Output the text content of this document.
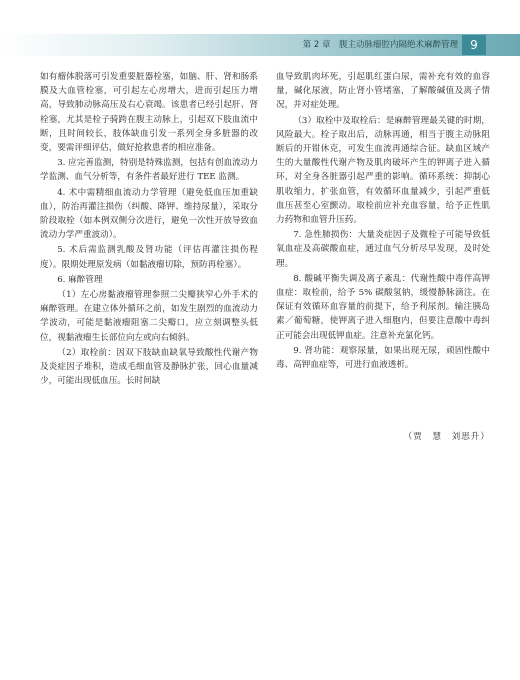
第 2 章　腹主动脉瘤腔内隔绝术麻醉管理	9

如有瘤体脱落可引发重要脏器栓塞，如脑、肝、肾和肠系膜及大血管栓塞，可引起左心房增大，进而引起压力增高，导致肺动脉高压及右心衰竭。该患者已经引起肝、肾栓塞，尤其是栓子骑跨在腹主动脉上，引起双下肢血流中断，且时间较长，肢体缺血引发一系列全身多脏器的改变，要需评细评估，做好抢救患者的相应准备。

3. 应完善监测，特别是特殊监测，包括有创血流动力学监测、血气分析等，有条件者最好进行 TEE 监测。

4. 术中需精细血流动力学管理（避免低血压加重缺血），防治再灌注损伤（纠酸、降钾、维持尿量），采取分阶段取栓（如本例双侧分次进行，避免一次性开放导致血流动力学严重波动）。

5. 术后需监测乳酸及肾功能（评估再灌注损伤程度）。限期处理原发病（如黏液瘤切除，预防再栓塞）。

6. 麻醉管理

（1）左心房黏液瘤管理参照二尖瓣狭窄心外手术的麻醉管理。在建立体外循环之前，如发生剧烈的血流动力学波动，可能是黏液瘤阻塞二尖瓣口，应立刻调整头低位，视黏液瘤生长部位向左或向右倾斜。

（2）取栓前：因双下肢缺血缺氧导致酸性代谢产物及炎症因子堆积，造成毛细血管及静脉扩张，回心血量减少，可能出现低血压。长时间缺

血导致肌肉坏死，引起肌红蛋白尿，需补充有效的血容量，碱化尿液，防止肾小管堵塞，了解酸碱值及离子情况，并对症处理。

（3）取栓中及取栓后：是麻醉管理最关键的时期，风险最大。栓子取出后，动脉再通，相当于腹主动脉阻断后的开钳休克，可发生血流再通综合征。缺血区域产生的大量酸性代谢产物及肌肉破坏产生的钾离子进入循环，对全身各脏器引起严重的影响。循环系统：抑制心肌收缩力，扩张血管，有效循环血量减少，引起严重低血压甚至心室颤动。取栓前应补充血容量，给予正性肌力药物和血管升压药。

7. 急性肺损伤：大量炎症因子及微栓子可能导致低氧血症及高碳酸血症，通过血气分析尽早发现，及时处理。

8. 酸碱平衡失调及离子紊乱：代谢性酸中毒伴高钾血症：取栓前，给予 5% 碳酸氢钠，缓慢静脉滴注。在保证有效循环血容量的前提下，给予利尿剂。输注胰岛素／葡萄糖，使钾离子进入细胞内，但要注意酸中毒纠正可能会出现低钾血症。注意补充氯化钙。

9. 肾功能：观察尿量，如果出现无尿，顽固性酸中毒、高钾血症等，可进行血液透析。

（贾　慧　刘思升）
